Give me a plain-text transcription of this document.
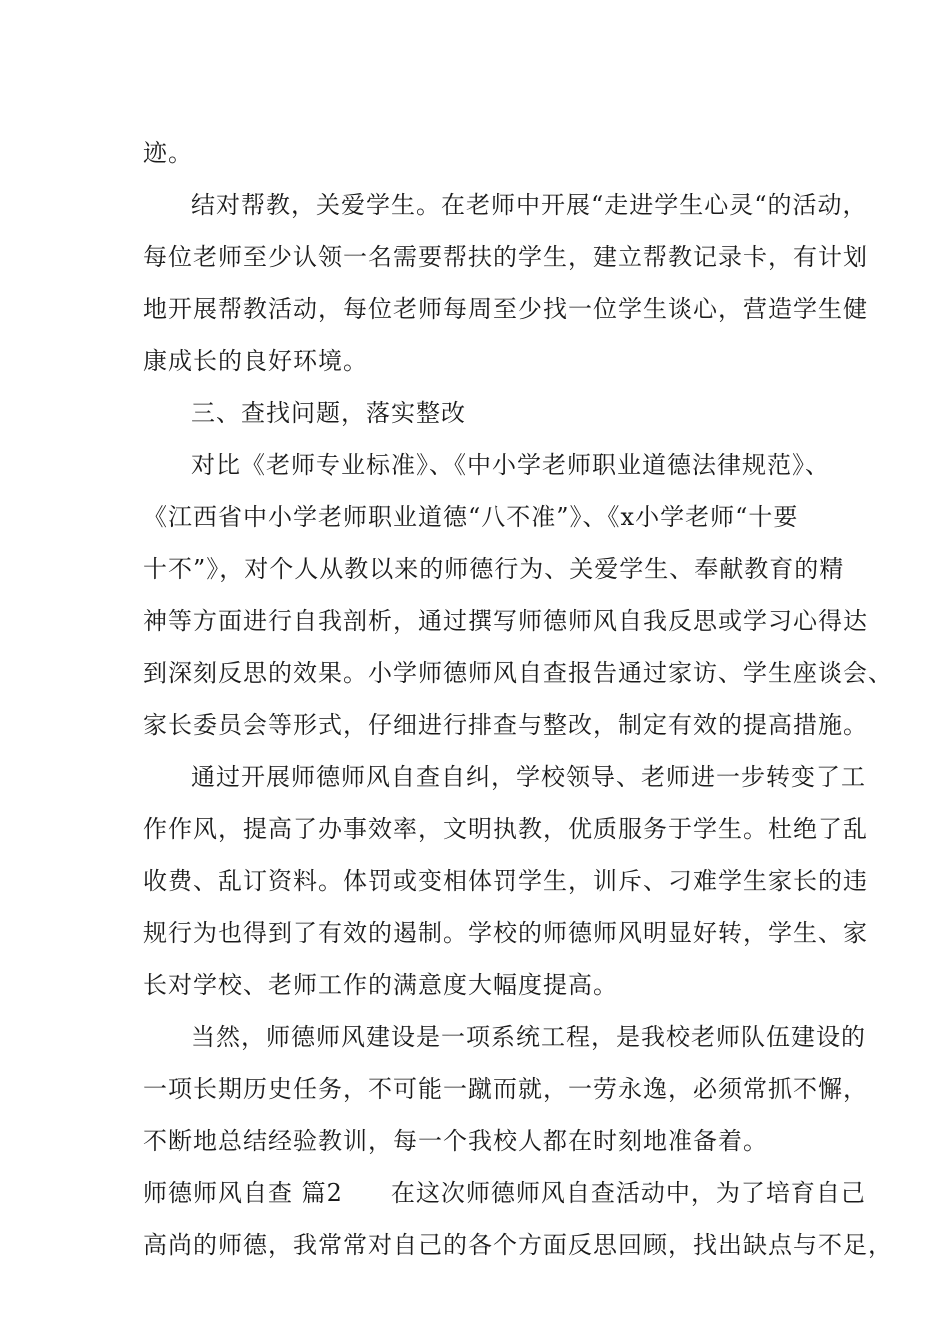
迹。
结对帮教，关爱学生。在老师中开展“走进学生心灵“的活动，
每位老师至少认领一名需要帮扶的学生，建立帮教记录卡，有计划
地开展帮教活动，每位老师每周至少找一位学生谈心，营造学生健
康成长的良好环境。
三、查找问题，落实整改
对比《老师专业标准》、《中小学老师职业道德法律规范》、
《江西省中小学老师职业道德“八不准”》、《x小学老师“十要
十不”》，对个人从教以来的师德行为、关爱学生、奉献教育的精
神等方面进行自我剖析，通过撰写师德师风自我反思或学习心得达
到深刻反思的效果。小学师德师风自查报告通过家访、学生座谈会、
家长委员会等形式，仔细进行排查与整改，制定有效的提高措施。
通过开展师德师风自查自纠，学校领导、老师进一步转变了工
作作风，提高了办事效率，文明执教，优质服务于学生。杜绝了乱
收费、乱订资料。体罚或变相体罚学生，训斥、刁难学生家长的违
规行为也得到了有效的遏制。学校的师德师风明显好转，学生、家
长对学校、老师工作的满意度大幅度提高。
当然，师德师风建设是一项系统工程，是我校老师队伍建设的
一项长期历史任务，不可能一蹴而就，一劳永逸，必须常抓不懈，
不断地总结经验教训，每一个我校人都在时刻地准备着。
师德师风自查 篇2 在这次师德师风自查活动中，为了培育自己
高尚的师德，我常常对自己的各个方面反思回顾，找出缺点与不足，
